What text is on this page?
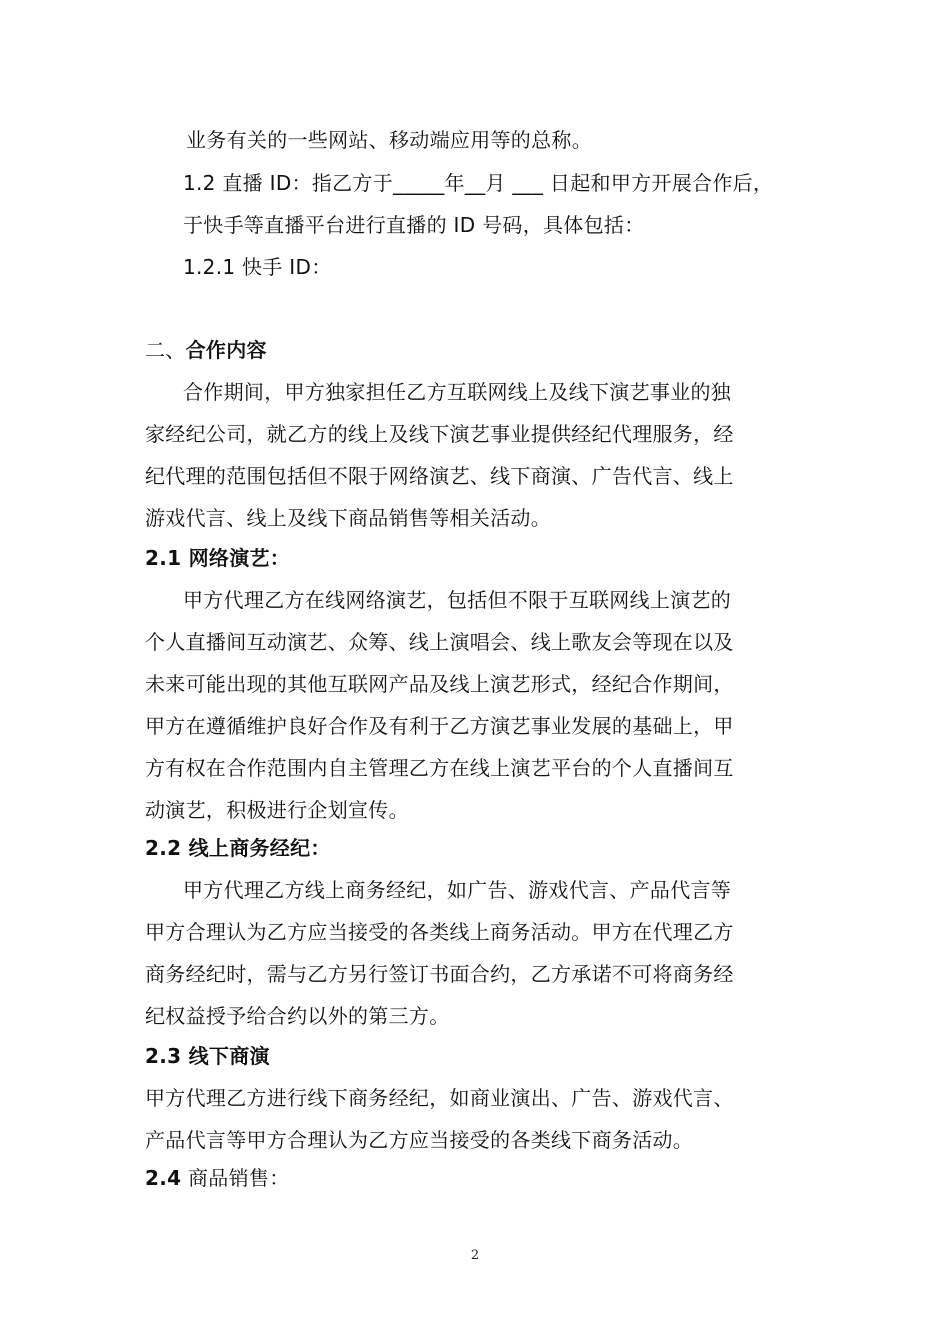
业务有关的一些网站、移动端应用等的总称。
1.2 直播 ID：指乙方于_____年__月 ___ 日起和甲方开展合作后，
于快手等直播平台进行直播的 ID 号码，具体包括：
1.2.1 快手 ID：
二、合作内容
合作期间，甲方独家担任乙方互联网线上及线下演艺事业的独
家经纪公司，就乙方的线上及线下演艺事业提供经纪代理服务，经
纪代理的范围包括但不限于网络演艺、线下商演、广告代言、线上
游戏代言、线上及线下商品销售等相关活动。
2.1 网络演艺：
甲方代理乙方在线网络演艺，包括但不限于互联网线上演艺的
个人直播间互动演艺、众筹、线上演唱会、线上歌友会等现在以及
未来可能出现的其他互联网产品及线上演艺形式，经纪合作期间，
甲方在遵循维护良好合作及有利于乙方演艺事业发展的基础上，甲
方有权在合作范围内自主管理乙方在线上演艺平台的个人直播间互
动演艺，积极进行企划宣传。
2.2 线上商务经纪：
甲方代理乙方线上商务经纪，如广告、游戏代言、产品代言等
甲方合理认为乙方应当接受的各类线上商务活动。甲方在代理乙方
商务经纪时，需与乙方另行签订书面合约，乙方承诺不可将商务经
纪权益授予给合约以外的第三方。
2.3 线下商演
甲方代理乙方进行线下商务经纪，如商业演出、广告、游戏代言、
产品代言等甲方合理认为乙方应当接受的各类线下商务活动。
2.4 商品销售：
2
